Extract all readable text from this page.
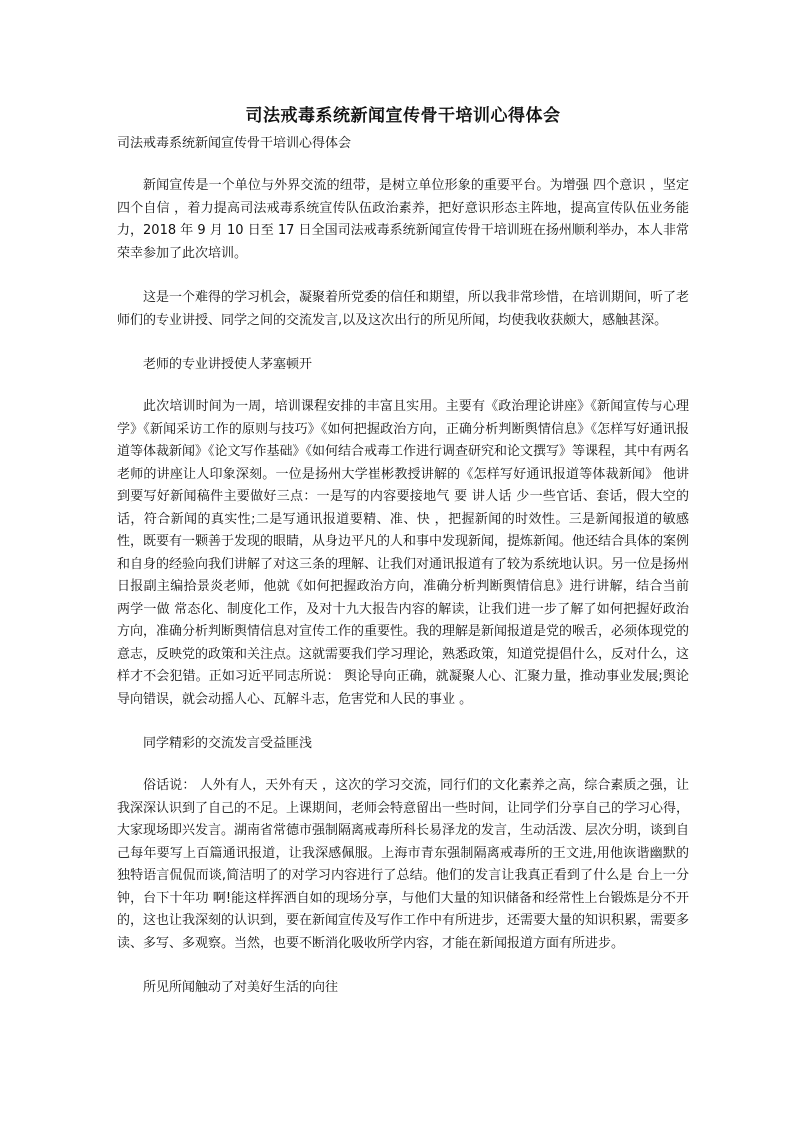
司法戒毒系统新闻宣传骨干培训心得体会
司法戒毒系统新闻宣传骨干培训心得体会

新闻宣传是一个单位与外界交流的纽带，是树立单位形象的重要平台。为增强 四个意识 ，坚定 四个自信 ，着力提高司法戒毒系统宣传队伍政治素养，把好意识形态主阵地，提高宣传队伍业务能力，2018 年 9 月 10 日至 17 日全国司法戒毒系统新闻宣传骨干培训班在扬州顺利举办，本人非常荣幸参加了此次培训。

这是一个难得的学习机会，凝聚着所党委的信任和期望，所以我非常珍惜，在培训期间，听了老师们的专业讲授、同学之间的交流发言,以及这次出行的所见所闻，均使我收获颇大，感触甚深。

老师的专业讲授使人茅塞顿开

此次培训时间为一周，培训课程安排的丰富且实用。主要有《政治理论讲座》《新闻宣传与心理学》《新闻采访工作的原则与技巧》《如何把握政治方向，正确分析判断舆情信息》《怎样写好通讯报道等体裁新闻》《论文写作基础》《如何结合戒毒工作进行调查研究和论文撰写》等课程，其中有两名老师的讲座让人印象深刻。一位是扬州大学崔彬教授讲解的《怎样写好通讯报道等体裁新闻》 他讲到要写好新闻稿件主要做好三点：一是写的内容要接地气 要 讲人话 少一些官话、套话，假大空的话，符合新闻的真实性;二是写通讯报道要精、准、快 ，把握新闻的时效性。三是新闻报道的敏感性，既要有一颗善于发现的眼睛，从身边平凡的人和事中发现新闻，提炼新闻。他还结合具体的案例和自身的经验向我们讲解了对这三条的理解、让我们对通讯报道有了较为系统地认识。另一位是扬州日报副主编拾景炎老师，他就《如何把握政治方向，准确分析判断舆情信息》进行讲解，结合当前 两学一做 常态化、制度化工作，及对十九大报告内容的解读，让我们进一步了解了如何把握好政治方向，准确分析判断舆情信息对宣传工作的重要性。我的理解是新闻报道是党的喉舌，必须体现党的意志，反映党的政策和关注点。这就需要我们学习理论，熟悉政策，知道党提倡什么，反对什么，这样才不会犯错。正如习近平同志所说： 舆论导向正确，就凝聚人心、汇聚力量，推动事业发展;舆论导向错误，就会动摇人心、瓦解斗志，危害党和人民的事业 。

同学精彩的交流发言受益匪浅

俗话说： 人外有人，天外有天 ，这次的学习交流，同行们的文化素养之高，综合素质之强，让我深深认识到了自己的不足。上课期间，老师会特意留出一些时间，让同学们分享自己的学习心得，大家现场即兴发言。湖南省常德市强制隔离戒毒所科长易泽龙的发言，生动活泼、层次分明，谈到自己每年要写上百篇通讯报道，让我深感佩服。上海市青东强制隔离戒毒所的王文进,用他诙谐幽默的独特语言侃侃而谈,简洁明了的对学习内容进行了总结。他们的发言让我真正看到了什么是 台上一分钟，台下十年功 啊!能这样挥洒自如的现场分享，与他们大量的知识储备和经常性上台锻炼是分不开的，这也让我深刻的认识到，要在新闻宣传及写作工作中有所进步，还需要大量的知识积累，需要多读、多写、多观察。当然，也要不断消化吸收所学内容，才能在新闻报道方面有所进步。

所见所闻触动了对美好生活的向往
